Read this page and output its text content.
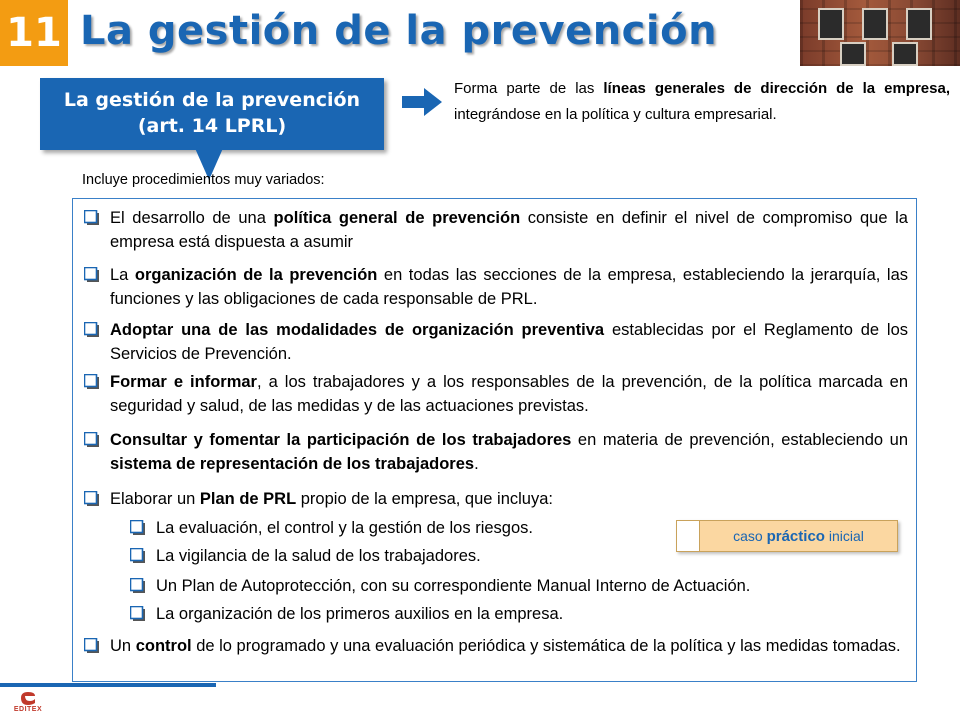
11 La gestión de la prevención
La gestión de la prevención
(art. 14 LPRL)
Forma parte de las líneas generales de dirección de la empresa, integrándose en la política y cultura empresarial.
Incluye procedimientos muy variados:
El desarrollo de una política general de prevención consiste en definir el nivel de compromiso que la empresa está dispuesta a asumir
La organización de la prevención en todas las secciones de la empresa, estableciendo la jerarquía, las funciones y las obligaciones de cada responsable de PRL.
Adoptar una de las modalidades de organización preventiva establecidas por el Reglamento de los Servicios de Prevención.
Formar e informar, a los trabajadores y a los responsables de la prevención, de la política marcada en seguridad y salud, de las medidas y de las actuaciones previstas.
Consultar y fomentar la participación de los trabajadores en materia de prevención, estableciendo un sistema de representación de los trabajadores.
Elaborar un Plan de PRL propio de la empresa, que incluya:
La evaluación, el control y la gestión de los riesgos.
La vigilancia de la salud de los trabajadores.
Un Plan de Autoprotección, con su correspondiente Manual Interno de Actuación.
La organización de los primeros auxilios en la empresa.
Un control de lo programado y una evaluación periódica y sistemática de la política y las medidas tomadas.
caso
práctico
inicial
EDITEX
